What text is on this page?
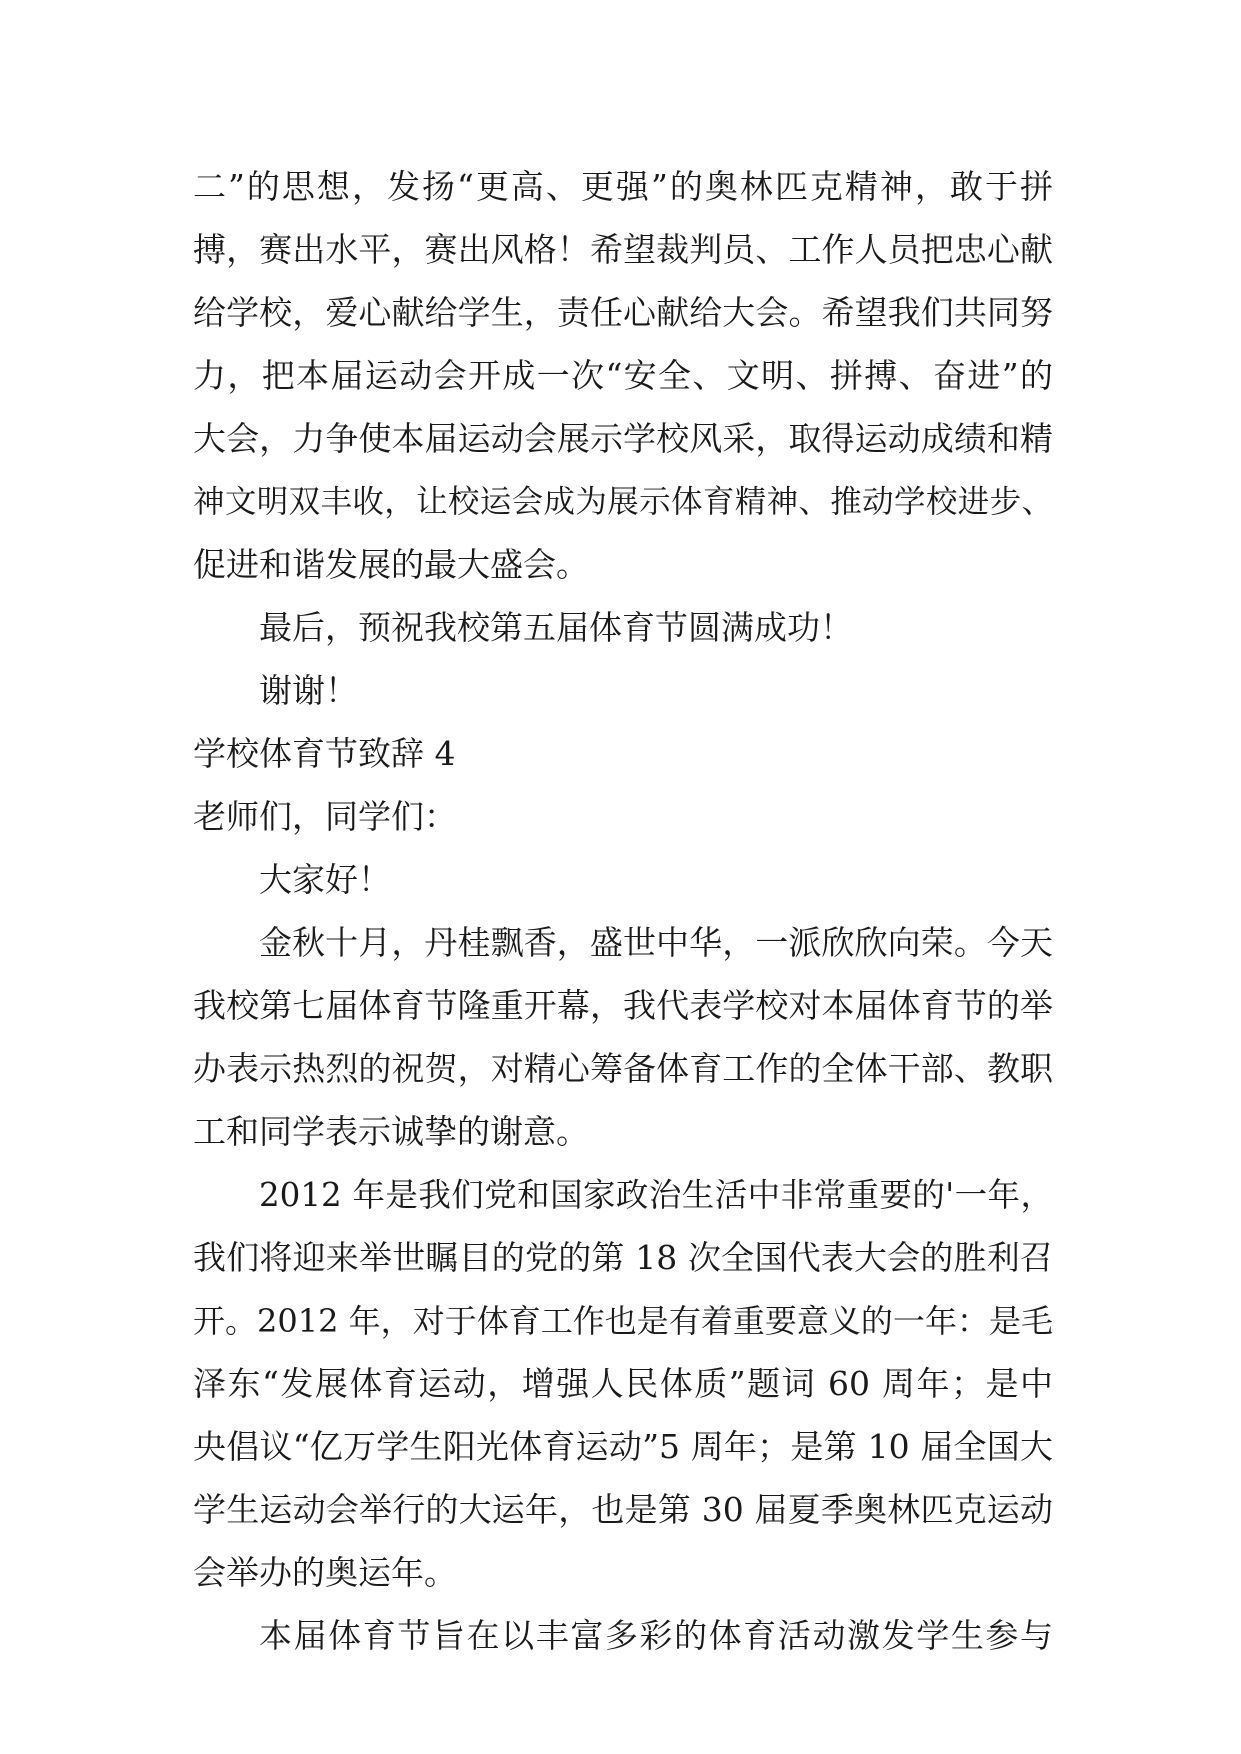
二”的思想，发扬“更高、更强”的奥林匹克精神，敢于拼
搏，赛出水平，赛出风格！希望裁判员、工作人员把忠心献
给学校，爱心献给学生，责任心献给大会。希望我们共同努
力，把本届运动会开成一次“安全、文明、拼搏、奋进”的
大会，力争使本届运动会展示学校风采，取得运动成绩和精
神文明双丰收，让校运会成为展示体育精神、推动学校进步、
促进和谐发展的最大盛会。
最后，预祝我校第五届体育节圆满成功！
谢谢！
学校体育节致辞 4
老师们，同学们：
大家好！
金秋十月，丹桂飘香，盛世中华，一派欣欣向荣。今天
我校第七届体育节隆重开幕，我代表学校对本届体育节的举
办表示热烈的祝贺，对精心筹备体育工作的全体干部、教职
工和同学表示诚挚的谢意。
2012 年是我们党和国家政治生活中非常重要的'一年，
我们将迎来举世瞩目的党的第 18 次全国代表大会的胜利召
开。2012 年，对于体育工作也是有着重要意义的一年：是毛
泽东“发展体育运动，增强人民体质”题词 60 周年；是中
央倡议“亿万学生阳光体育运动”5 周年；是第 10 届全国大
学生运动会举行的大运年，也是第 30 届夏季奥林匹克运动
会举办的奥运年。
本届体育节旨在以丰富多彩的体育活动激发学生参与
